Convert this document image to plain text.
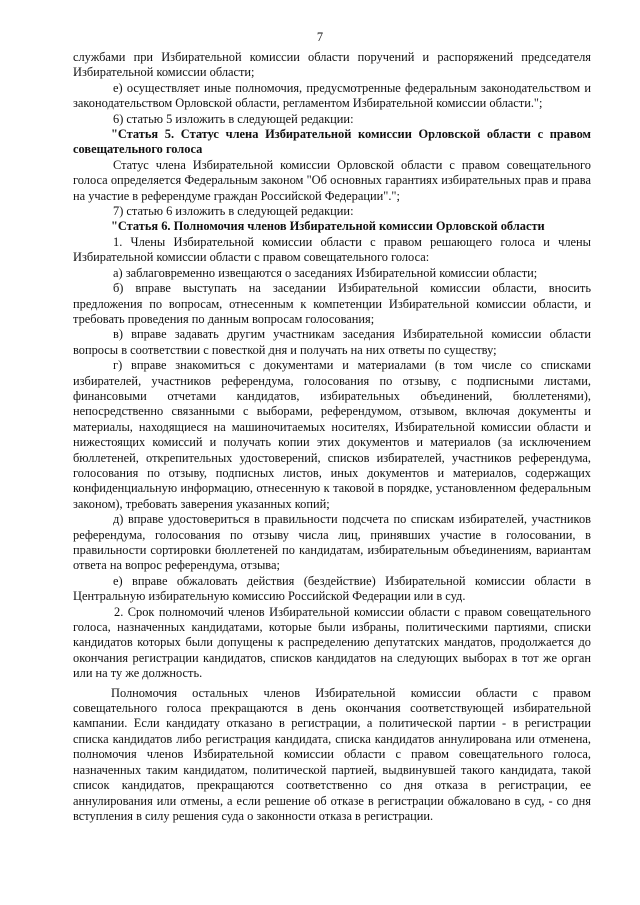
7

службами при Избирательной комиссии области поручений и распоряжений председателя Избирательной комиссии области;

е) осуществляет иные полномочия, предусмотренные федеральным законодательством и законодательством Орловской области, регламентом Избирательной комиссии области.";

6) статью 5 изложить в следующей редакции:

"Статья 5. Статус члена Избирательной комиссии Орловской области с правом совещательного голоса

Статус члена Избирательной комиссии Орловской области с правом совещательного голоса определяется Федеральным законом "Об основных гарантиях избирательных прав и права на участие в референдуме граждан Российской Федерации".";

7) статью 6 изложить в следующей редакции:

"Статья 6. Полномочия членов Избирательной комиссии Орловской области

1. Члены Избирательной комиссии области с правом решающего голоса и члены Избирательной комиссии области с правом совещательного голоса:

а) заблаговременно извещаются о заседаниях Избирательной комиссии области;

б) вправе выступать на заседании Избирательной комиссии области, вносить предложения по вопросам, отнесенным к компетенции Избирательной комиссии области, и требовать проведения по данным вопросам голосования;

в) вправе задавать другим участникам заседания Избирательной комиссии области вопросы в соответствии с повесткой дня и получать на них ответы по существу;

г) вправе знакомиться с документами и материалами (в том числе со списками избирателей, участников референдума, голосования по отзыву, с подписными листами, финансовыми отчетами кандидатов, избирательных объединений, бюллетенями), непосредственно связанными с выборами, референдумом, отзывом, включая документы и материалы, находящиеся на машиночитаемых носителях, Избирательной комиссии области и нижестоящих комиссий и получать копии этих документов и материалов (за исключением бюллетеней, открепительных удостоверений, списков избирателей, участников референдума, голосования по отзыву, подписных листов, иных документов и материалов, содержащих конфиденциальную информацию, отнесенную к таковой в порядке, установленном федеральным законом), требовать заверения указанных копий;

д) вправе удостовериться в правильности подсчета по спискам избирателей, участников референдума, голосования по отзыву числа лиц, принявших участие в голосовании, в правильности сортировки бюллетеней по кандидатам, избирательным объединениям, вариантам ответа на вопрос референдума, отзыва;

е) вправе обжаловать действия (бездействие) Избирательной комиссии области в Центральную избирательную комиссию Российской Федерации или в суд.

2. Срок полномочий членов Избирательной комиссии области с правом совещательного голоса, назначенных кандидатами, которые были избраны, политическими партиями, списки кандидатов которых были допущены к распределению депутатских мандатов, продолжается до окончания регистрации кандидатов, списков кандидатов на следующих выборах в тот же орган или на ту же должность.

Полномочия остальных членов Избирательной комиссии области с правом совещательного голоса прекращаются в день окончания соответствующей избирательной кампании. Если кандидату отказано в регистрации, а политической партии - в регистрации списка кандидатов либо регистрация кандидата, списка кандидатов аннулирована или отменена, полномочия членов Избирательной комиссии области с правом совещательного голоса, назначенных таким кандидатом, политической партией, выдвинувшей такого кандидата, такой список кандидатов, прекращаются соответственно со дня отказа в регистрации, ее аннулирования или отмены, а если решение об отказе в регистрации обжаловано в суд, - со дня вступления в силу решения суда о законности отказа в регистрации.
